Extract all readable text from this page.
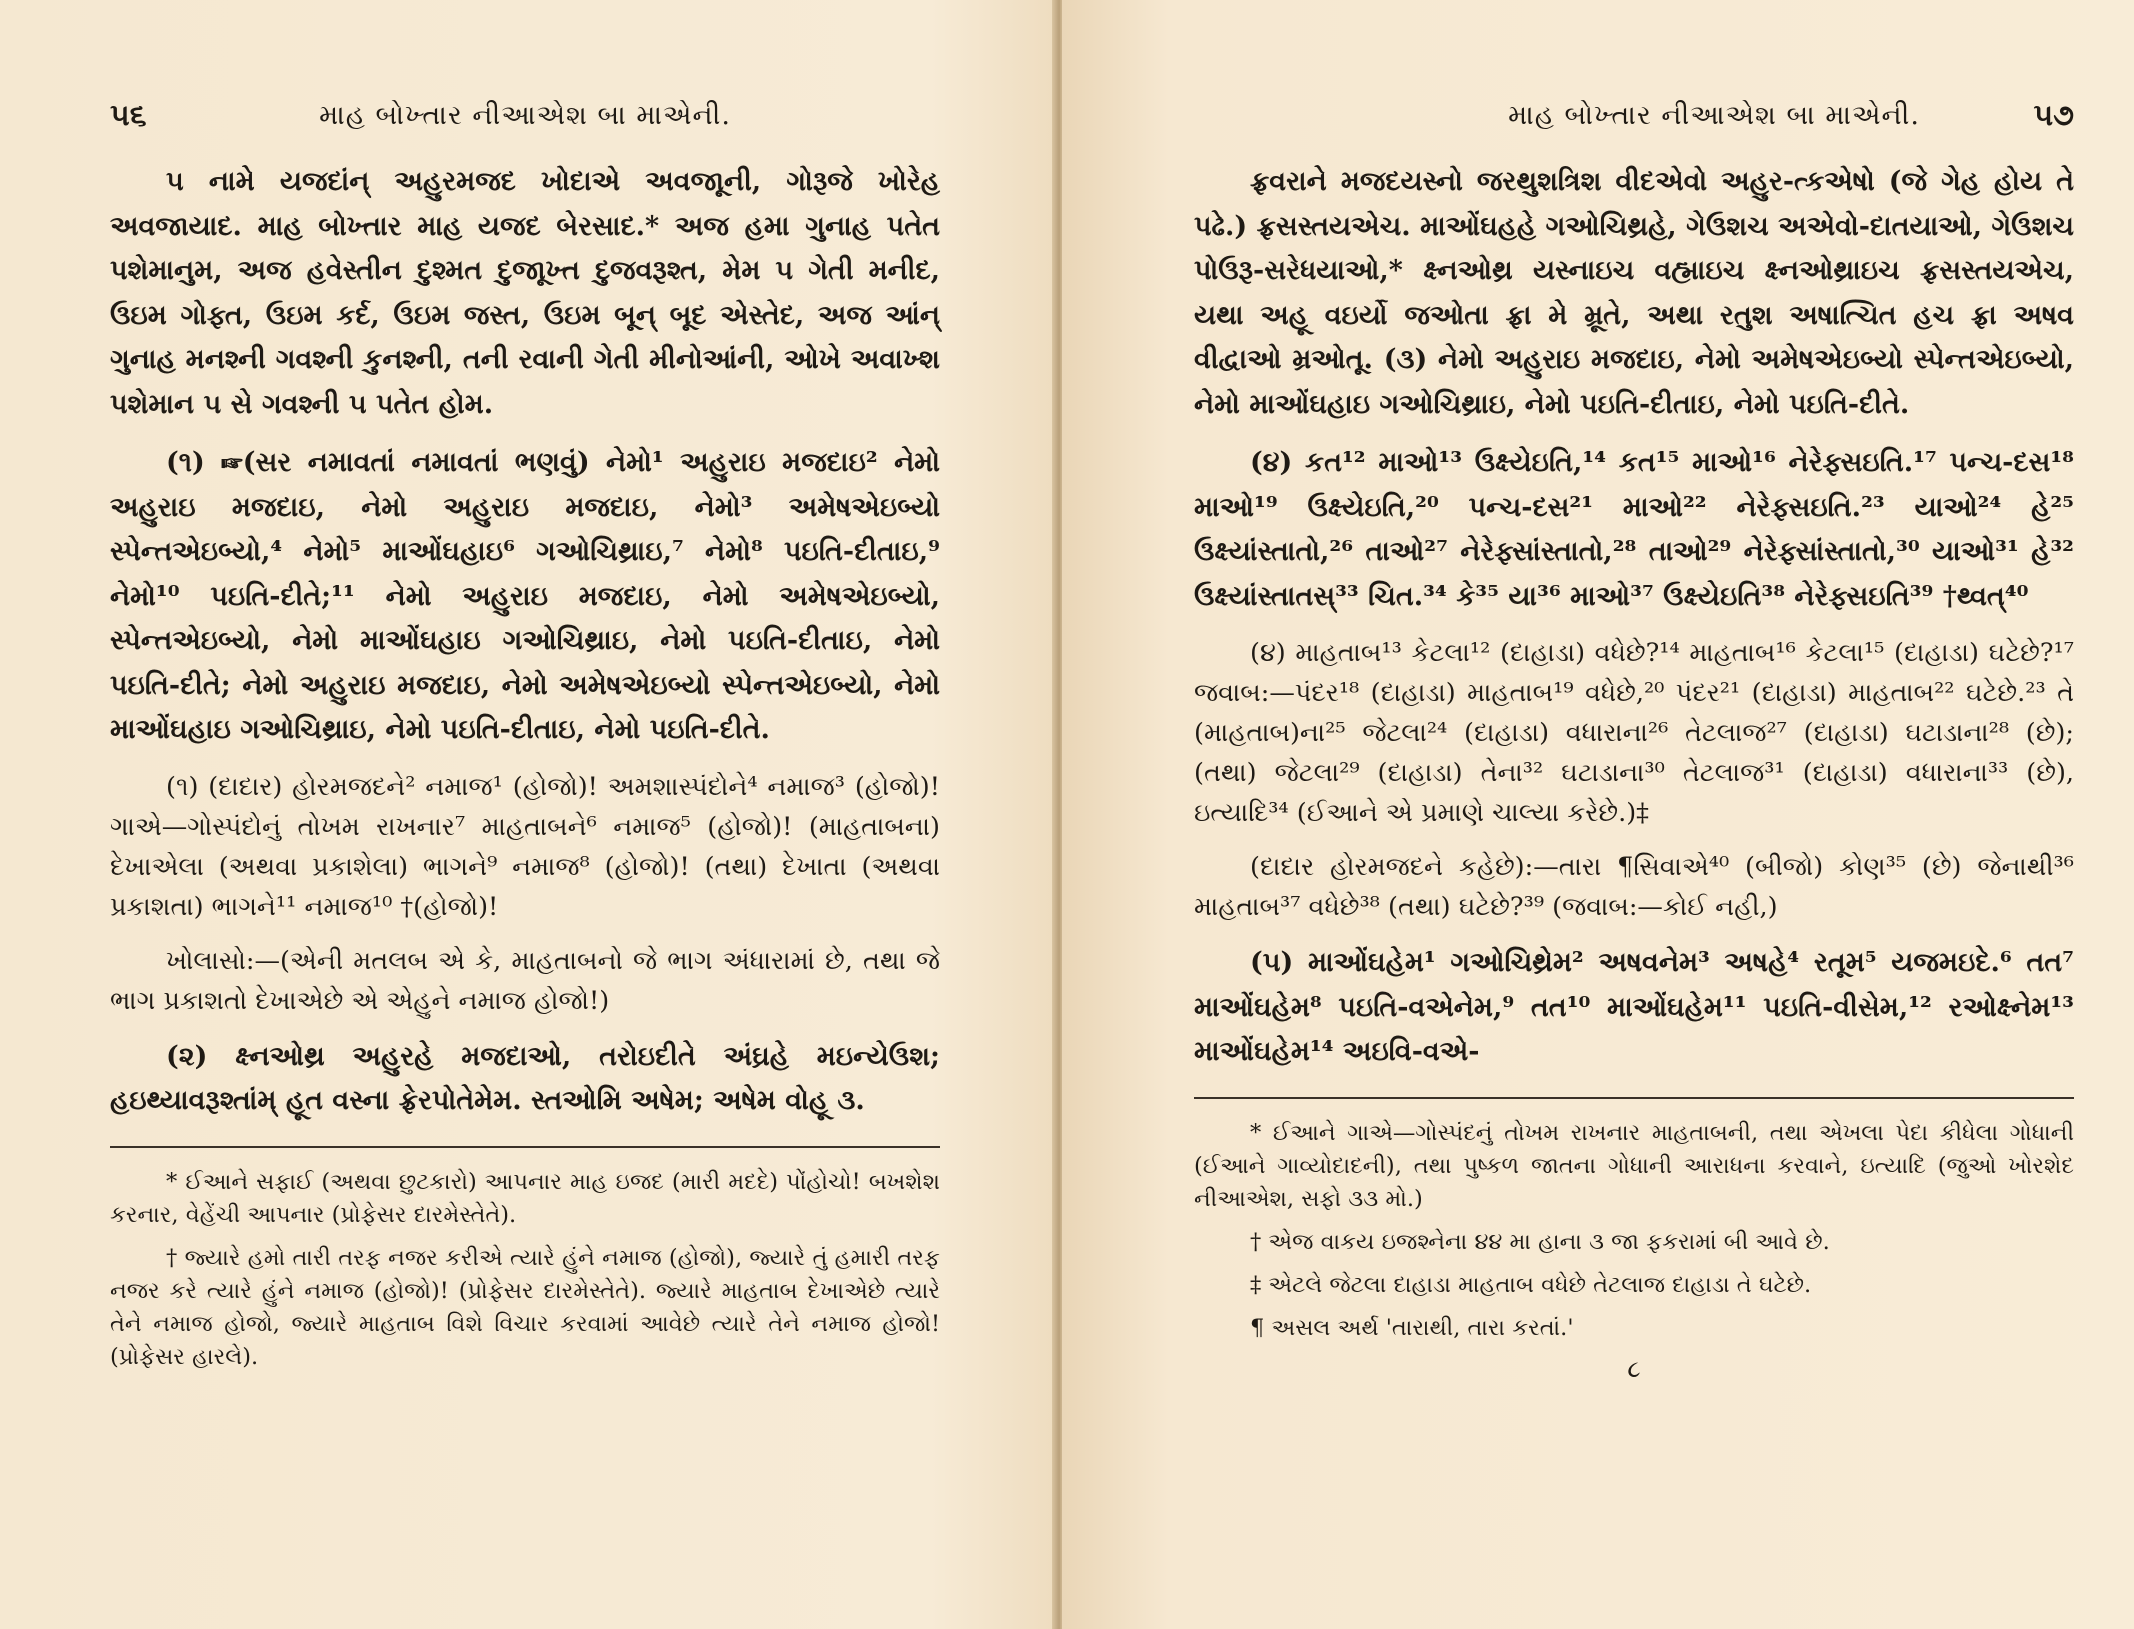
૫૬	માહ બોખ્તાર નીઆએશ બા માએની.

૫ નામે યજદાંન્ અહુરમજદ ખોદાએ અવજાૂની, ગોરૂજે ખોરેહ અવજાયાદ. માહ બોખ્તાર માહ યજદ બેરસાદ.* અજ હમા ગુનાહ પતેત પશેમાનુમ, અજ હવેસ્તીન દુશ્મત દુજાૂખ્ત દુજવરૂશ્ત, મેમ ૫ ગેતી મનીદ, ઉઇમ ગોફ્ત, ઉઇમ કર્દ, ઉઇમ જસ્ત, ઉઇમ બૂન્ બૂદ એસ્તેદ, અજ આંન્ ગુનાહ મનશ્ની ગવશ્ની કુનશ્ની, તની રવાની ગેતી મીનોઆંની, ઓખે અવાખ્શ પશેમાન ૫ સે ગવશ્ની ૫ પતેત હોમ.

(૧) ☞(સર નમાવતાં નમાવતાં ભણવું) નેમો¹ અહુરાઇ મજદાઇ² નેમો અહુરાઇ મજદાઇ, નેમો અહુરાઇ મજદાઇ, નેમો³ અમેષએઇબ્યો સ્પેન્તએઇબ્યો,⁴ નેમો⁵ માઓંઘહાઇ⁶ ગઓચિથ્રાઇ,⁷ નેમો⁸ પઇતિ-દીતાઇ,⁹ નેમો¹⁰ પઇતિ-દીતે;¹¹ નેમો અહુરાઇ મજદાઇ, નેમો અમેષએઇબ્યો, સ્પેન્તએઇબ્યો, નેમો માઓંઘહાઇ ગઓચિથ્રાઇ, નેમો પઇતિ-દીતાઇ, નેમો પઇતિ-દીતે; નેમો અહુરાઇ મજદાઇ, નેમો અમેષએઇબ્યો સ્પેન્તએઇબ્યો, નેમો માઓંઘહાઇ ગઓચિથ્રાઇ, નેમો પઇતિ-દીતાઇ, નેમો પઇતિ-દીતે.

(૧) (દાદાર) હોરમજદને² નમાજ¹ (હોજો)! અમશાસ્પંદોને⁴ નમાજ³ (હોજો)! ગાએ—ગોસ્પંદોનું તોખમ રાખનાર⁷ માહતાબને⁶ નમાજ⁵ (હોજો)! (માહતાબના) દેખાએલા (અથવા પ્રકાશેલા) ભાગને⁹ નમાજ⁸ (હોજો)! (તથા) દેખાતા (અથવા પ્રકાશતા) ભાગને¹¹ નમાજ¹⁰ †(હોજો)!

ખોલાસો:—(એની મતલબ એ કે, માહતાબનો જે ભાગ અંધારામાં છે, તથા જે ભાગ પ્રકાશતો દેખાએછે એ એહુને નમાજ હોજો!)

(૨) ક્ષ્નઓથ્ર અહુરહે મજદાઓ, તરોઇદીતે અંઘ્રહે મઇન્યેઉશ; હઇથ્યાવરૂશ્તાંમ્ હૂત વસ્ના ફ્રેરપોતેમેમ. સ્તઓમિ અષેમ; અષેમ વોહૂ ૩.

* ઈઆને સફાઈ (અથવા છુટકારો) આપનાર માહ ઇજદ (મારી મદદે) પોંહોચો! બખશેશ કરનાર, વેહેંચી આપનાર (પ્રોફેસર દારમેસ્તેતે).

† જ્યારે હમો તારી તરફ નજર કરીએ ત્યારે હુંને નમાજ (હોજો), જ્યારે તું હમારી તરફ નજર કરે ત્યારે હુંને નમાજ (હોજો)! (પ્રોફેસર દારમેસ્તેતે). જ્યારે માહતાબ દેખાએછે ત્યારે તેને નમાજ હોજો, જ્યારે માહતાબ વિશે વિચાર કરવામાં આવેછે ત્યારે તેને નમાજ હોજો! (પ્રોફેસર હારલે).

માહ બોખ્તાર નીઆએશ બા માએની.	૫૭

ફ્રવરાને મજદયસ્નો જરથુશત્રિશ વીદએવો અહુર-ત્કએષો (જે ગેહ હોય તે પઢે.) ફ્રસસ્તયએચ. માઓંઘહહે ગઓચિથ્રહે, ગેઉશચ અએવો-દાતયાઓ, ગેઉશચ પોઉરૂ-સરેધયાઓ,* ક્ષ્નઓથ્ર યસ્નાઇચ વહ્માઇચ ક્ષ્નઓથ્રાઇચ ફ્રસસ્તયએચ, યથા અહૂ વઇર્યો જઓતા ફ્રા મે મ્રૂતે, અથા રતુશ અષાત્ચિત હચ ફ્રા અષવ વીદ્વાઓ મ્રઓતૂ. (૩) નેમો અહુરાઇ મજદાઇ, નેમો અમેષએઇબ્યો સ્પેન્તએઇબ્યો, નેમો માઓંઘહાઇ ગઓચિથ્રાઇ, નેમો પઇતિ-દીતાઇ, નેમો પઇતિ-દીતે.

(૪) કત¹² માઓ¹³ ઉક્ષ્યેઇતિ,¹⁴ કત¹⁵ માઓ¹⁶ નેરેફ્સઇતિ.¹⁷ પન્ચ-દસ¹⁸ માઓ¹⁹ ઉક્ષ્યેઇતિ,²⁰ પન્ચ-દસ²¹ માઓ²² નેરેફ્સઇતિ.²³ યાઓ²⁴ હે²⁵ ઉક્ષ્યાંસ્તાતો,²⁶ તાઓ²⁷ નેરેફ્સાંસ્તાતો,²⁸ તાઓ²⁹ નેરેફ્સાંસ્તાતો,³⁰ યાઓ³¹ હે³² ઉક્ષ્યાંસ્તાતસ્³³ ચિત.³⁴ કે³⁵ યા³⁶ માઓ³⁷ ઉક્ષ્યેઇતિ³⁸ નેરેફ્સઇતિ³⁹ †થ્વત્⁴⁰

(૪) માહતાબ¹³ કેટલા¹² (દાહાડા) વધેછે?¹⁴ માહતાબ¹⁶ કેટલા¹⁵ (દાહાડા) ઘટેછે?¹⁷ જવાબ:—પંદર¹⁸ (દાહાડા) માહતાબ¹⁹ વધેછે,²⁰ પંદર²¹ (દાહાડા) માહતાબ²² ઘટેછે.²³ તે (માહતાબ)ના²⁵ જેટલા²⁴ (દાહાડા) વધારાના²⁶ તેટલાજ²⁷ (દાહાડા) ઘટાડાના²⁸ (છે); (તથા) જેટલા²⁹ (દાહાડા) તેના³² ઘટાડાના³⁰ તેટલાજ³¹ (દાહાડા) વધારાના³³ (છે), ઇત્યાદિ³⁴ (ઈઆને એ પ્રમાણે ચાલ્યા કરેછે.)‡

(દાદાર હોરમજદને કહેછે):—તારા ¶સિવાએ⁴⁰ (બીજો) કોણ³⁵ (છે) જેનાથી³⁶ માહતાબ³⁷ વધેછે³⁸ (તથા) ઘટેછે?³⁹ (જવાબ:—કોઈ નહી,)

(૫) માઓંઘહેમ¹ ગઓચિથ્રેમ² અષવનેમ³ અષહે⁴ રતૂમ⁵ યજમઇદે.⁶ તત⁷ માઓંઘહેમ⁸ પઇતિ-વએનેમ,⁹ તત¹⁰ માઓંઘહેમ¹¹ પઇતિ-વીસેમ,¹² રઓક્ષ્નેમ¹³ માઓંઘહેમ¹⁴ અઇવિ-વએ-

* ઈઆને ગાએ—ગોસ્પંદનું તોખમ રાખનાર માહતાબની, તથા એખલા પેદા કીધેલા ગોધાની (ઈઆને ગાવ્યોદાદની), તથા પુષ્કળ જાતના ગોધાની આરાધના કરવાને, ઇત્યાદિ (જુઓ ખોરશેદ નીઆએશ, સફો ૩૩ મો.)

† એજ વાકય ઇજશ્નેના ૪૪ મા હાના ૩ જા ફકરામાં બી આવે છે.

‡ એટલે જેટલા દાહાડા માહતાબ વધેછે તેટલાજ દાહાડા તે ઘટેછે.

¶ અસલ અર્થ 'તારાથી, તારા કરતાં.'

૮
